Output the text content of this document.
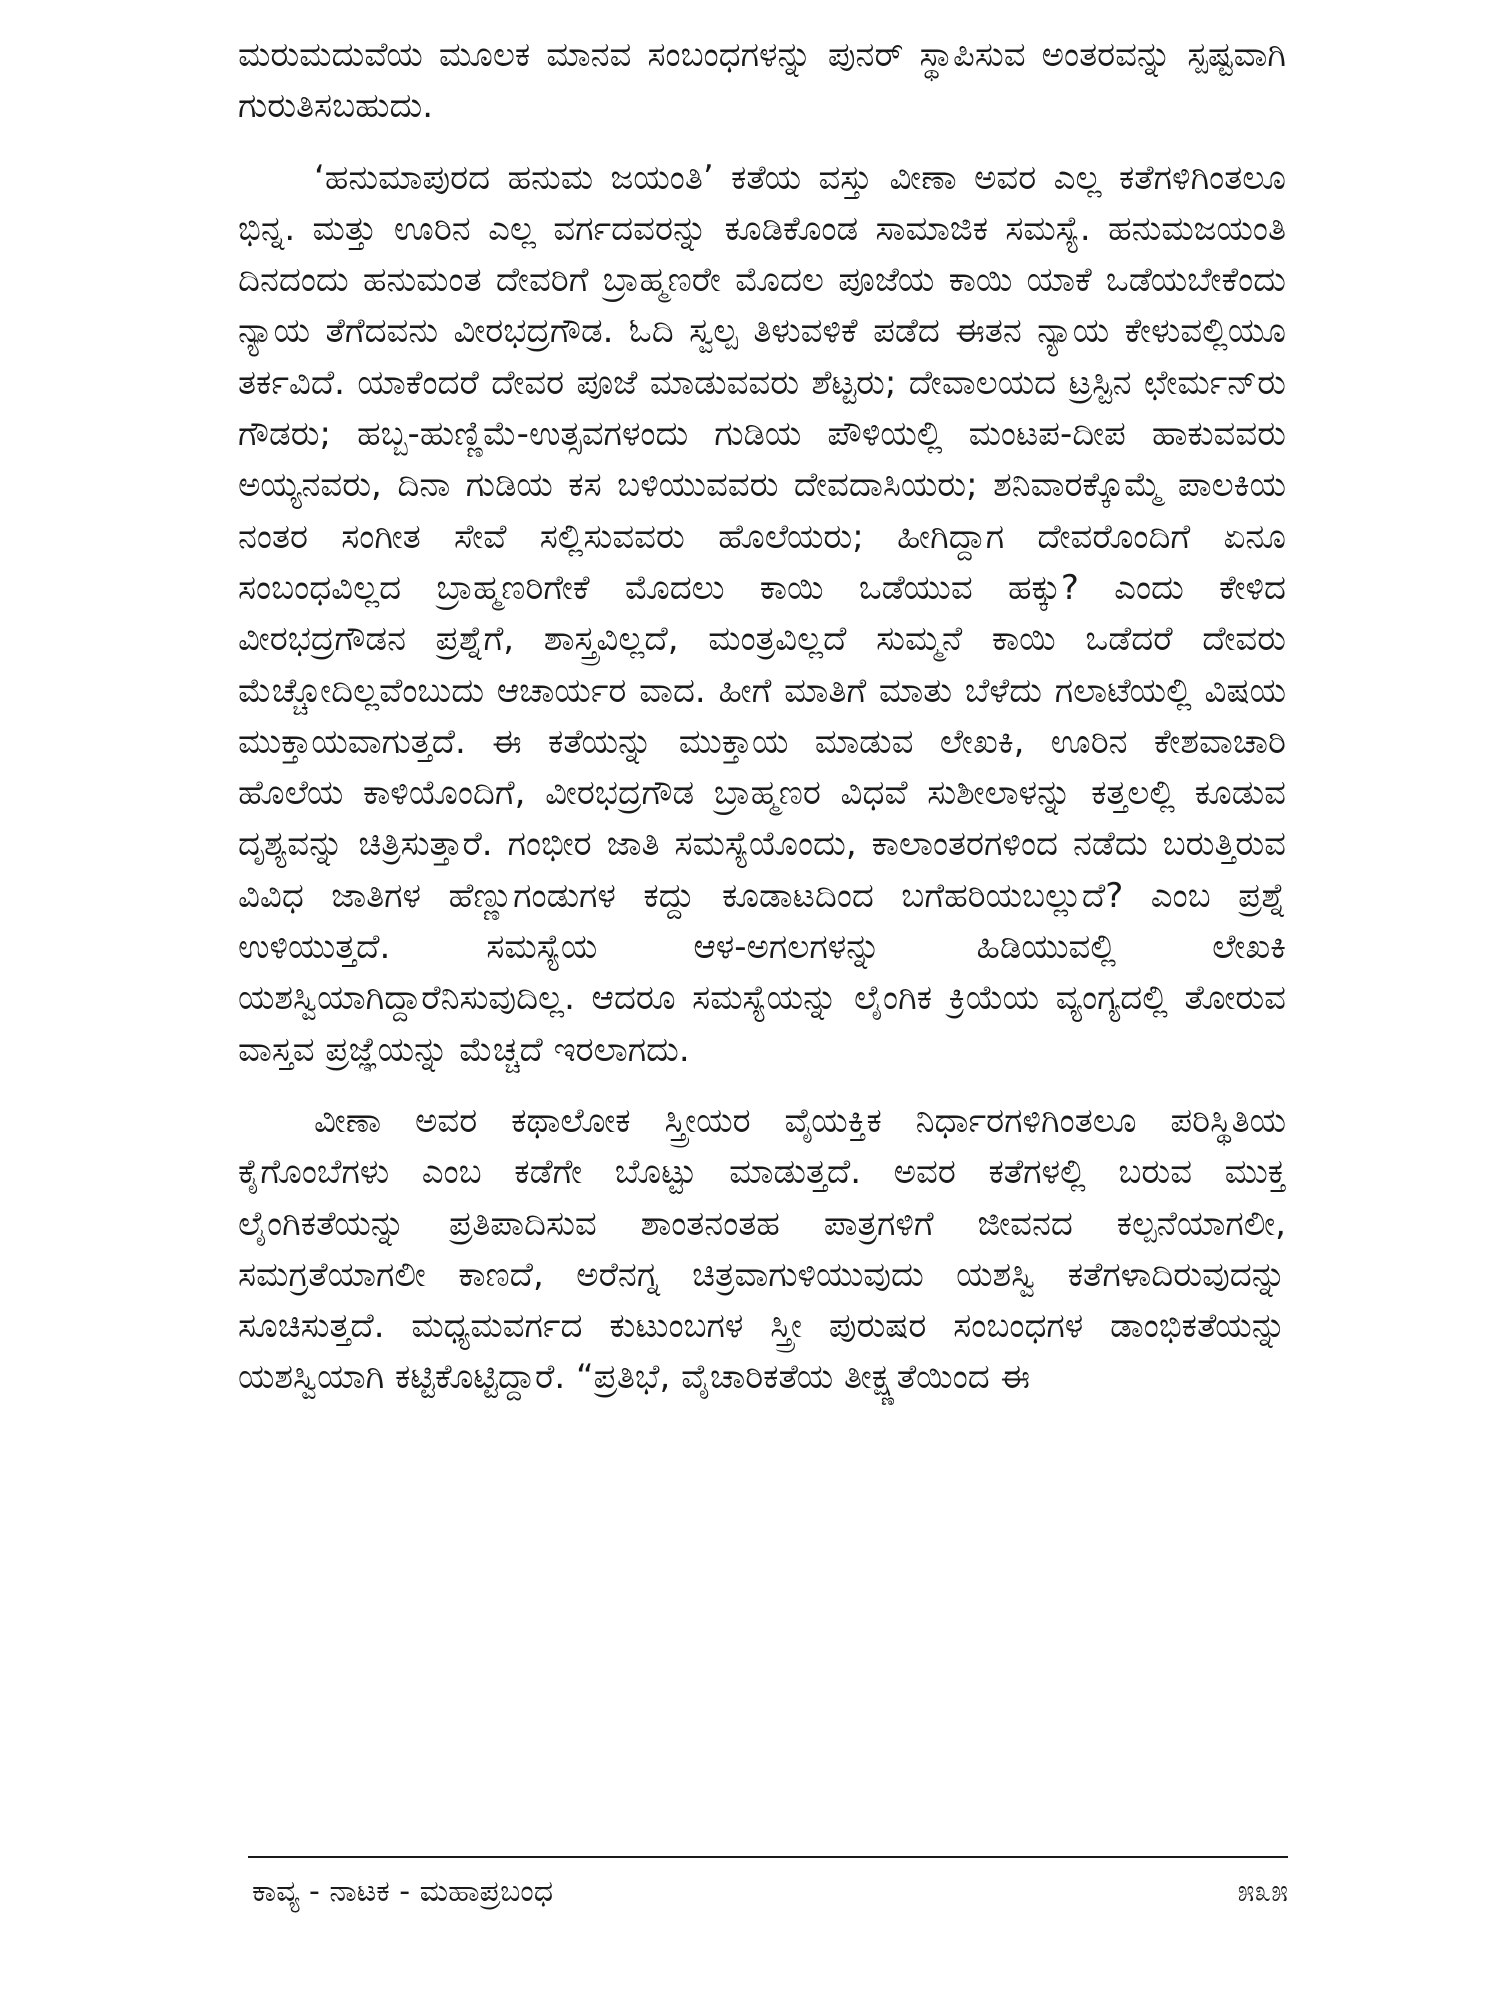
ಮರುಮದುವೆಯ ಮೂಲಕ ಮಾನವ ಸಂಬಂಧಗಳನ್ನು ಪುನರ್ ಸ್ಥಾಪಿಸುವ ಅಂತರವನ್ನು ಸ್ಪಷ್ಟವಾಗಿ ಗುರುತಿಸಬಹುದು.

‘ಹನುಮಾಪುರದ ಹನುಮ ಜಯಂತಿ’ ಕತೆಯ ವಸ್ತು ವೀಣಾ ಅವರ ಎಲ್ಲ ಕತೆಗಳಿಗಿಂತಲೂ ಭಿನ್ನ. ಮತ್ತು ಊರಿನ ಎಲ್ಲ ವರ್ಗದವರನ್ನು ಕೂಡಿಕೊಂಡ ಸಾಮಾಜಿಕ ಸಮಸ್ಯೆ. ಹನುಮಜಯಂತಿ ದಿನದಂದು ಹನುಮಂತ ದೇವರಿಗೆ ಬ್ರಾಹ್ಮಣರೇ ಮೊದಲ ಪೂಜೆಯ ಕಾಯಿ ಯಾಕೆ ಒಡೆಯಬೇಕೆಂದು ನ್ಯಾಯ ತೆಗೆದವನು ವೀರಭದ್ರಗೌಡ. ಓದಿ ಸ್ವಲ್ಪ ತಿಳುವಳಿಕೆ ಪಡೆದ ಈತನ ನ್ಯಾಯ ಕೇಳುವಲ್ಲಿಯೂ ತರ್ಕವಿದೆ. ಯಾಕೆಂದರೆ ದೇವರ ಪೂಜೆ ಮಾಡುವವರು ಶೆಟ್ಟರು; ದೇವಾಲಯದ ಟ್ರಸ್ಟಿನ ಛೇರ್ಮನ್‌ರು ಗೌಡರು; ಹಬ್ಬ-ಹುಣ್ಣಿಮೆ-ಉತ್ಸವಗಳಂದು ಗುಡಿಯ ಪೌಳಿಯಲ್ಲಿ ಮಂಟಪ-ದೀಪ ಹಾಕುವವರು ಅಯ್ಯನವರು, ದಿನಾ ಗುಡಿಯ ಕಸ ಬಳಿಯುವವರು ದೇವದಾಸಿಯರು; ಶನಿವಾರಕ್ಕೊಮ್ಮೆ ಪಾಲಕಿಯ ನಂತರ ಸಂಗೀತ ಸೇವೆ ಸಲ್ಲಿಸುವವರು ಹೊಲೆಯರು; ಹೀಗಿದ್ದಾಗ ದೇವರೊಂದಿಗೆ ಏನೂ ಸಂಬಂಧವಿಲ್ಲದ ಬ್ರಾಹ್ಮಣರಿಗೇಕೆ ಮೊದಲು ಕಾಯಿ ಒಡೆಯುವ ಹಕ್ಕು? ಎಂದು ಕೇಳಿದ ವೀರಭದ್ರಗೌಡನ ಪ್ರಶ್ನೆಗೆ, ಶಾಸ್ತ್ರವಿಲ್ಲದೆ, ಮಂತ್ರವಿಲ್ಲದೆ ಸುಮ್ಮನೆ ಕಾಯಿ ಒಡೆದರೆ ದೇವರು ಮೆಚ್ಚೋದಿಲ್ಲವೆಂಬುದು ಆಚಾರ್ಯರ ವಾದ. ಹೀಗೆ ಮಾತಿಗೆ ಮಾತು ಬೆಳೆದು ಗಲಾಟೆಯಲ್ಲಿ ವಿಷಯ ಮುಕ್ತಾಯವಾಗುತ್ತದೆ. ಈ ಕತೆಯನ್ನು ಮುಕ್ತಾಯ ಮಾಡುವ ಲೇಖಕಿ, ಊರಿನ ಕೇಶವಾಚಾರಿ ಹೊಲೆಯ ಕಾಳಿಯೊಂದಿಗೆ, ವೀರಭದ್ರಗೌಡ ಬ್ರಾಹ್ಮಣರ ವಿಧವೆ ಸುಶೀಲಾಳನ್ನು ಕತ್ತಲಲ್ಲಿ ಕೂಡುವ ದೃಶ್ಯವನ್ನು ಚಿತ್ರಿಸುತ್ತಾರೆ. ಗಂಭೀರ ಜಾತಿ ಸಮಸ್ಯೆಯೊಂದು, ಕಾಲಾಂತರಗಳಿಂದ ನಡೆದು ಬರುತ್ತಿರುವ ವಿವಿಧ ಜಾತಿಗಳ ಹೆಣ್ಣುಗಂಡುಗಳ ಕದ್ದು ಕೂಡಾಟದಿಂದ ಬಗೆಹರಿಯಬಲ್ಲುದೆ? ಎಂಬ ಪ್ರಶ್ನೆ ಉಳಿಯುತ್ತದೆ. ಸಮಸ್ಯೆಯ ಆಳ-ಅಗಲಗಳನ್ನು ಹಿಡಿಯುವಲ್ಲಿ ಲೇಖಕಿ ಯಶಸ್ವಿಯಾಗಿದ್ದಾರೆನಿಸುವುದಿಲ್ಲ. ಆದರೂ ಸಮಸ್ಯೆಯನ್ನು ಲೈಂಗಿಕ ಕ್ರಿಯೆಯ ವ್ಯಂಗ್ಯದಲ್ಲಿ ತೋರುವ ವಾಸ್ತವ ಪ್ರಜ್ಞೆಯನ್ನು ಮೆಚ್ಚದೆ ಇರಲಾಗದು.

ವೀಣಾ ಅವರ ಕಥಾಲೋಕ ಸ್ತ್ರೀಯರ ವೈಯಕ್ತಿಕ ನಿರ್ಧಾರಗಳಿಗಿಂತಲೂ ಪರಿಸ್ಥಿತಿಯ ಕೈಗೊಂಬೆಗಳು ಎಂಬ ಕಡೆಗೇ ಬೊಟ್ಟು ಮಾಡುತ್ತದೆ. ಅವರ ಕತೆಗಳಲ್ಲಿ ಬರುವ ಮುಕ್ತ ಲೈಂಗಿಕತೆಯನ್ನು ಪ್ರತಿಪಾದಿಸುವ ಶಾಂತನಂತಹ ಪಾತ್ರಗಳಿಗೆ ಜೀವನದ ಕಲ್ಪನೆಯಾಗಲೀ, ಸಮಗ್ರತೆಯಾಗಲೀ ಕಾಣದೆ, ಅರೆನಗ್ನ ಚಿತ್ರವಾಗುಳಿಯುವುದು ಯಶಸ್ವಿ ಕತೆಗಳಾದಿರುವುದನ್ನು ಸೂಚಿಸುತ್ತದೆ. ಮಧ್ಯಮವರ್ಗದ ಕುಟುಂಬಗಳ ಸ್ತ್ರೀ ಪುರುಷರ ಸಂಬಂಧಗಳ ಡಾಂಭಿಕತೆಯನ್ನು ಯಶಸ್ವಿಯಾಗಿ ಕಟ್ಟಿಕೊಟ್ಟಿದ್ದಾರೆ. “ಪ್ರತಿಭೆ, ವೈಚಾರಿಕತೆಯ ತೀಕ್ಷ್ಣತೆಯಿಂದ ಈ

ಕಾವ್ಯ - ನಾಟಕ - ಮಹಾಪ್ರಬಂಧ	೫೩೫
